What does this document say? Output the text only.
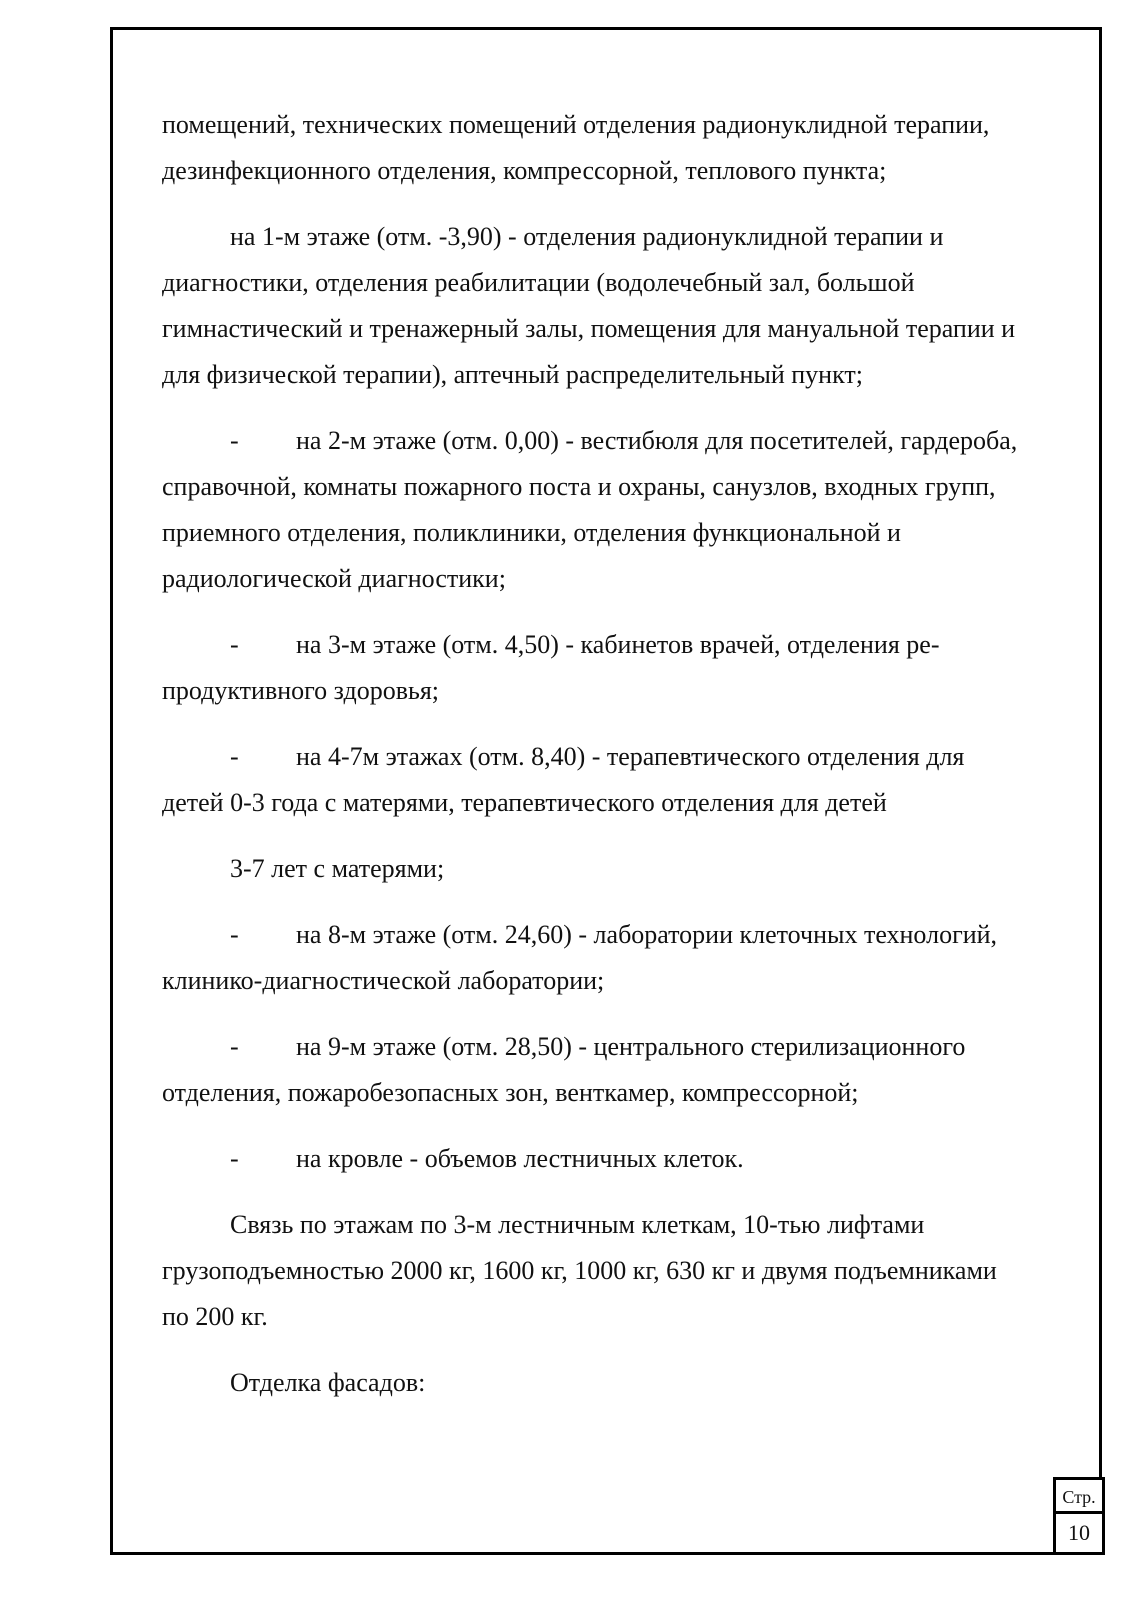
помещений, технических помещений отделения радионуклидной терапии,
дезинфекционного отделения, компрессорной, теплового пункта;
на 1-м этаже (отм. -3,90) - отделения радионуклидной терапии и
диагностики, отделения реабилитации (водолечебный зал, большой
гимнастический и тренажерный залы, помещения для мануальной терапии и
для физической терапии), аптечный распределительный пункт;
- на 2-м этаже (отм. 0,00) - вестибюля для посетителей, гардероба,
справочной, комнаты пожарного поста и охраны, санузлов, входных групп,
приемного отделения, поликлиники, отделения функциональной и
радиологической диагностики;
- на 3-м этаже (отм. 4,50) - кабинетов врачей, отделения ре-
продуктивного здоровья;
- на 4-7м этажах (отм. 8,40) - терапевтического отделения для
детей 0-3 года с матерями, терапевтического отделения для детей
3-7 лет с матерями;
- на 8-м этаже (отм. 24,60) - лаборатории клеточных технологий,
клинико-диагностической лаборатории;
- на 9-м этаже (отм. 28,50) - центрального стерилизационного
отделения, пожаробезопасных зон, венткамер, компрессорной;
- на кровле - объемов лестничных клеток.
Связь по этажам по 3-м лестничным клеткам, 10-тью лифтами
грузоподъемностью 2000 кг, 1600 кг, 1000 кг, 630 кг и двумя подъемниками
по 200 кг.
Отделка фасадов:
Стр.
10
